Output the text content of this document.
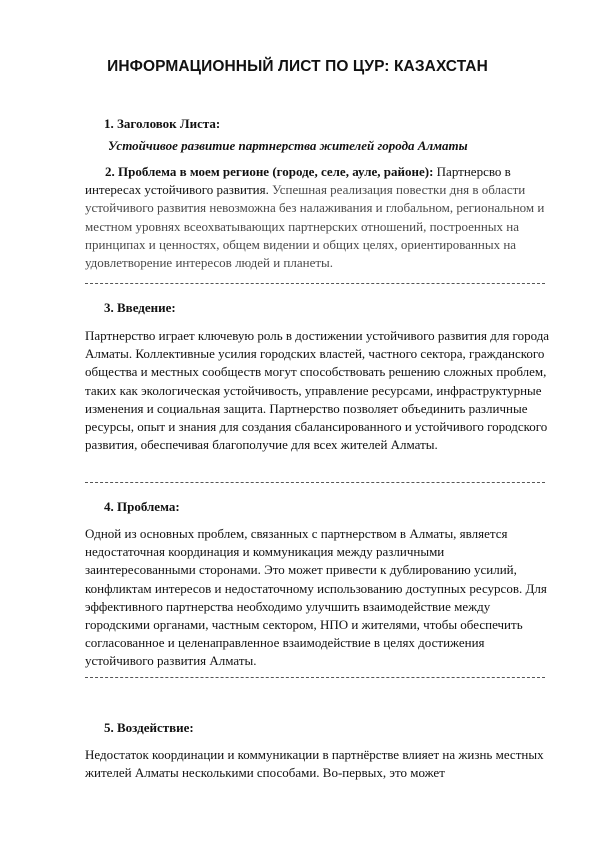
ИНФОРМАЦИОННЫЙ ЛИСТ ПО ЦУР: КАЗАХСТАН
1. Заголовок Листа:
Устойчивое развитие партнерства жителей города Алматы
2. Проблема в моем регионе (городе, селе, ауле, районе): Партнерсво в интересах устойчивого развития. Успешная реализация повестки дня в области устойчивого развития невозможна без налаживания и глобальном, региональном и местном уровнях всеохватывающих партнерских отношений, построенных на принципах и ценностях, общем видении и общих целях, ориентированных на удовлетворение интересов людей и планеты.
3. Введение:
Партнерство играет ключевую роль в достижении устойчивого развития для города Алматы. Коллективные усилия городских властей, частного сектора, гражданского общества и местных сообществ могут способствовать решению сложных проблем, таких как экологическая устойчивость, управление ресурсами, инфраструктурные изменения и социальная защита. Партнерство позволяет объединить различные ресурсы, опыт и знания для создания сбалансированного и устойчивого городского развития, обеспечивая благополучие для всех жителей Алматы.
4. Проблема:
Одной из основных проблем, связанных с партнерством в Алматы, является недостаточная координация и коммуникация между различными заинтересованными сторонами. Это может привести к дублированию усилий, конфликтам интересов и недостаточному использованию доступных ресурсов. Для эффективного партнерства необходимо улучшить взаимодействие между городскими органами, частным сектором, НПО и жителями, чтобы обеспечить согласованное и целенаправленное взаимодействие в целях достижения устойчивого развития Алматы.
5. Воздействие:
Недостаток координации и коммуникации в партнёрстве влияет на жизнь местных жителей Алматы несколькими способами. Во-первых, это может
